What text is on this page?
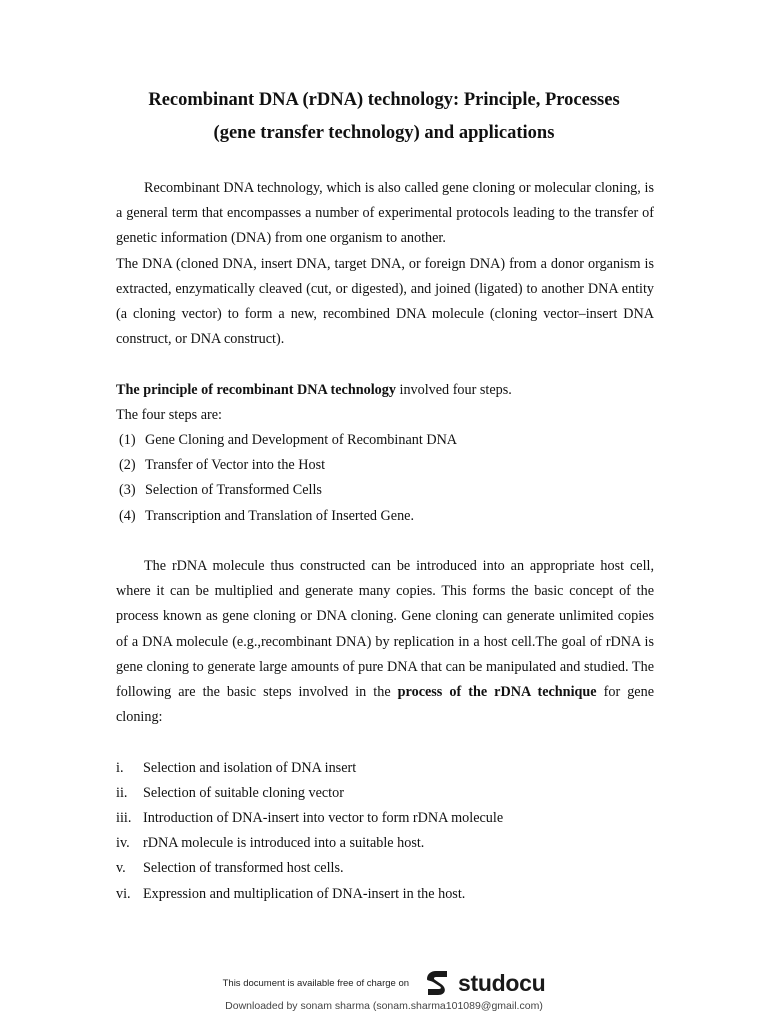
Recombinant DNA (rDNA) technology: Principle, Processes
(gene transfer technology) and applications

Recombinant DNA technology, which is also called gene cloning or molecular cloning, is a general term that encompasses a number of experimental protocols leading to the transfer of genetic information (DNA) from one organism to another.

The DNA (cloned DNA, insert DNA, target DNA, or foreign DNA) from a donor organism is extracted, enzymatically cleaved (cut, or digested), and joined (ligated) to another DNA entity (a cloning vector) to form a new, recombined DNA molecule (cloning vector–insert DNA construct, or DNA construct).

The principle of recombinant DNA technology involved four steps.

The four steps are:

(1) Gene Cloning and Development of Recombinant DNA
(2) Transfer of Vector into the Host
(3) Selection of Transformed Cells
(4) Transcription and Translation of Inserted Gene.

The rDNA molecule thus constructed can be introduced into an appropriate host cell, where it can be multiplied and generate many copies. This forms the basic concept of the process known as gene cloning or DNA cloning. Gene cloning can generate unlimited copies of a DNA molecule (e.g.,recombinant DNA) by replication in a host cell.The goal of rDNA is gene cloning to generate large amounts of pure DNA that can be manipulated and studied. The following are the basic steps involved in the process of the rDNA technique for gene cloning:

i.	Selection and isolation of DNA insert
ii.	Selection of suitable cloning vector
iii. Introduction of DNA-insert into vector to form rDNA molecule
iv. rDNA molecule is introduced into a suitable host.
v.	Selection of transformed host cells.
vi. Expression and multiplication of DNA-insert in the host.
This document is available free of charge on studocu
Downloaded by sonam sharma (sonam.sharma101089@gmail.com)
